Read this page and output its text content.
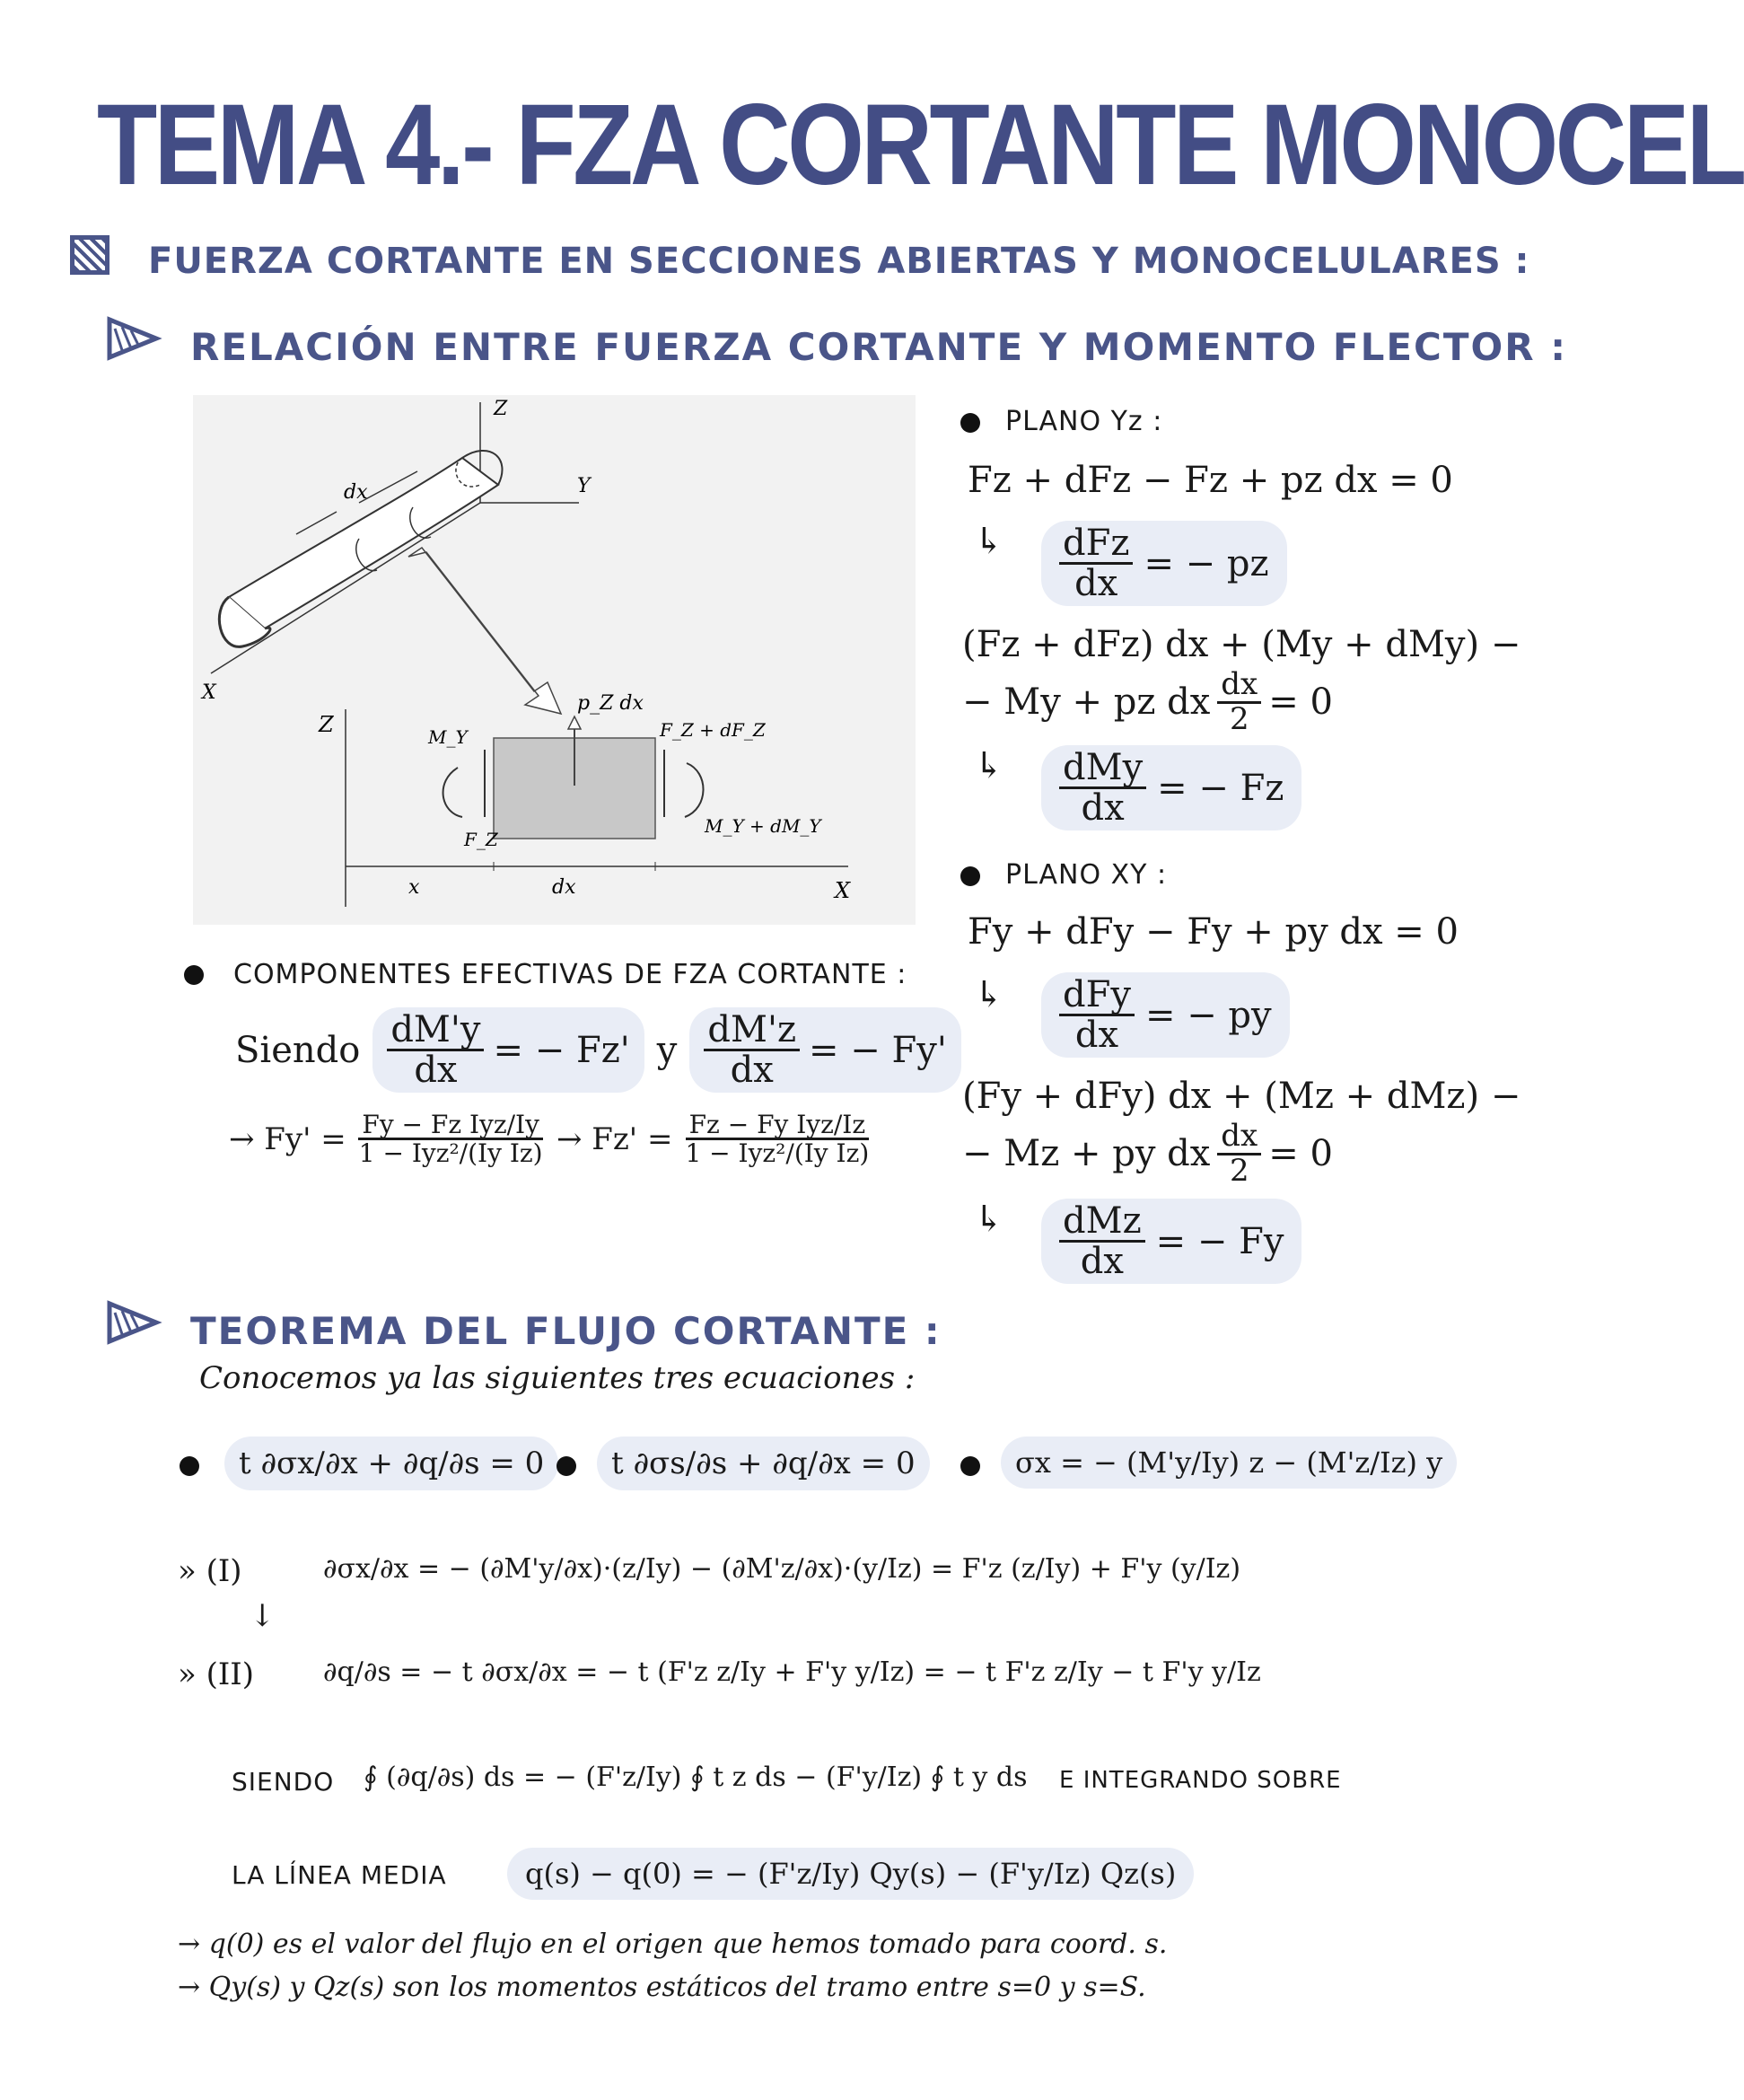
TEMA 4.- FZA CORTANTE MONOCEL
FUERZA CORTANTE EN SECCIONES ABIERTAS Y MONOCELULARES :
RELACIÓN ENTRE FUERZA CORTANTE Y MOMENTO FLECTOR :
Z
Y
X
dx
Z
X
p_Z dx
M_Y	F_Z + dF_Z
F_Z
M_Y + dM_Y
x	dx
PLANO Yz :
Fz + dFz − Fz + pz dx = 0
↳ $\frac{\text{dFz}}{dx}$ = − pz
(Fz + dFz) dx + (My + dMy) −
− My + pz dx $\frac{dx}{2} = 0$
↳ $\frac{\text{dMy}}{dx}$ = − Fz
PLANO XY :
Fy + dFy − Fy + py dx = 0
↳ $\frac{\text{dFy}}{dx}$ = − py
(Fy + dFy) dx + (Mz + dMz) −
− Mz + py dx $\frac{dx}{2} = 0$
↳ $\frac{\text{dMz}}{dx}$ = − Fy
COMPONENTES EFECTIVAS DE FZA CORTANTE :
Siendo $\frac{dM'y}{dx}$ = − Fz' y $\frac{dM'z}{dx}$ = − Fy'
→ $Fy' = \frac{\text{Fy − Fz Iyz/Iy}}{\text{1 − Iyz²/(Iy Iz)}} \to Fz' = \frac{\text{Fz − Fy Iyz/Iz}}{\text{1 − Iyz²/(Iy Iz)}}$
TEOREMA DEL FLUJO CORTANTE :
Conocemos ya las siguientes tres ecuaciones :
t ∂σx/∂x + ∂q/∂s = 0	t ∂σs/∂s + ∂q/∂x = 0	σx = − (M'y/Iy) z − (M'z/Iz) y
» (I)	∂σx/∂x = − (∂M'y/∂x)·(z/Iy) − (∂M'z/∂x)·(y/Iz) = F'z (z/Iy) + F'y (y/Iz)
↓
» (II)	∂q/∂s = − t ∂σx/∂x = − t (F'z z/Iy + F'y y/Iz) = − t F'z z/Iy − t F'y y/Iz
SIENDO ∮ (∂q/∂s) ds = − (F'z/Iy) ∮ t z ds − (F'y/Iz) ∮ t y ds E INTEGRANDO SOBRE
LA LÍNEA MEDIA	q(s) − q(0) = − (F'z/Iy) Qy(s) − (F'y/Iz) Qz(s)
→ q(0) es el valor del flujo en el origen que hemos tomado para coord. s.
→ Qy(s) y Qz(s) son los momentos estáticos del tramo entre s=0 y s=S.
